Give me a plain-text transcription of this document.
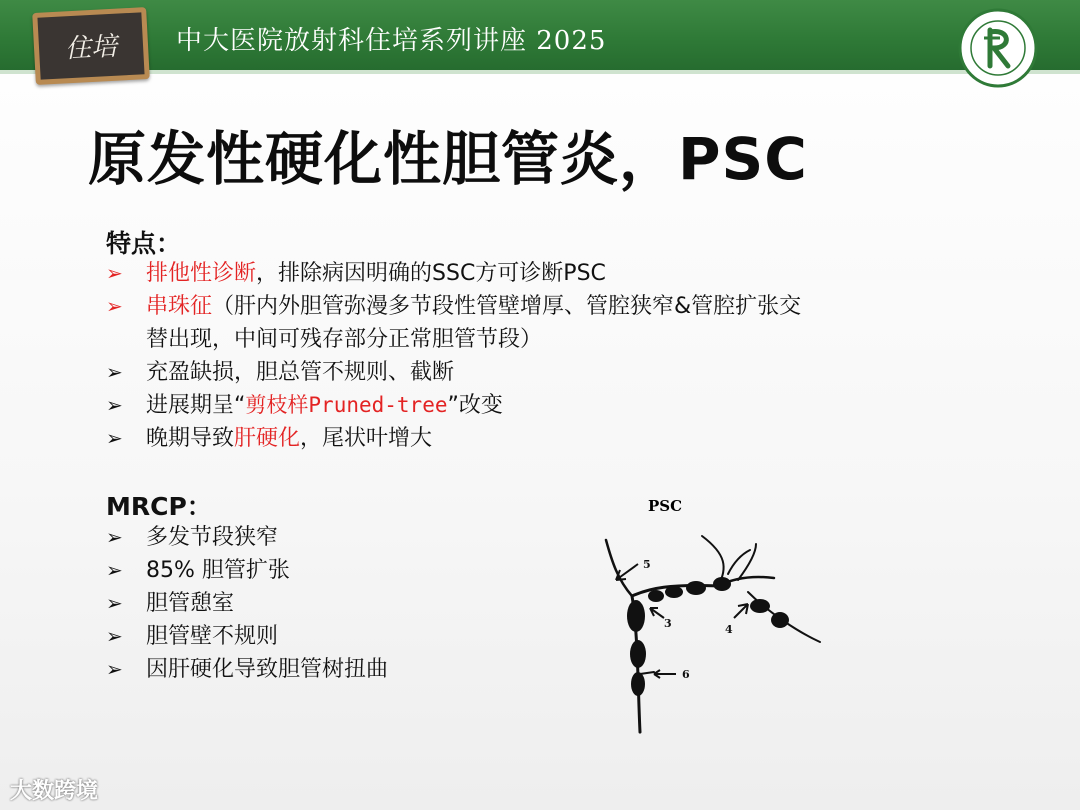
住培	中大医院放射科住培系列讲座 2025
原发性硬化性胆管炎，PSC
特点：
➢ 排他性诊断，排除病因明确的SSC方可诊断PSC
➢ 串珠征（肝内外胆管弥漫多节段性管壁增厚、管腔狭窄&管腔扩张交
替出现，中间可残存部分正常胆管节段）
➢ 充盈缺损，胆总管不规则、截断
➢ 进展期呈“剪枝样Pruned-tree”改变
➢ 晚期导致肝硬化，尾状叶增大
MRCP：
➢ 多发节段狭窄
➢ 85% 胆管扩张
➢ 胆管憩室
➢ 胆管壁不规则
➢ 因肝硬化导致胆管树扭曲
PSC
5
3	4
6
大数跨境
